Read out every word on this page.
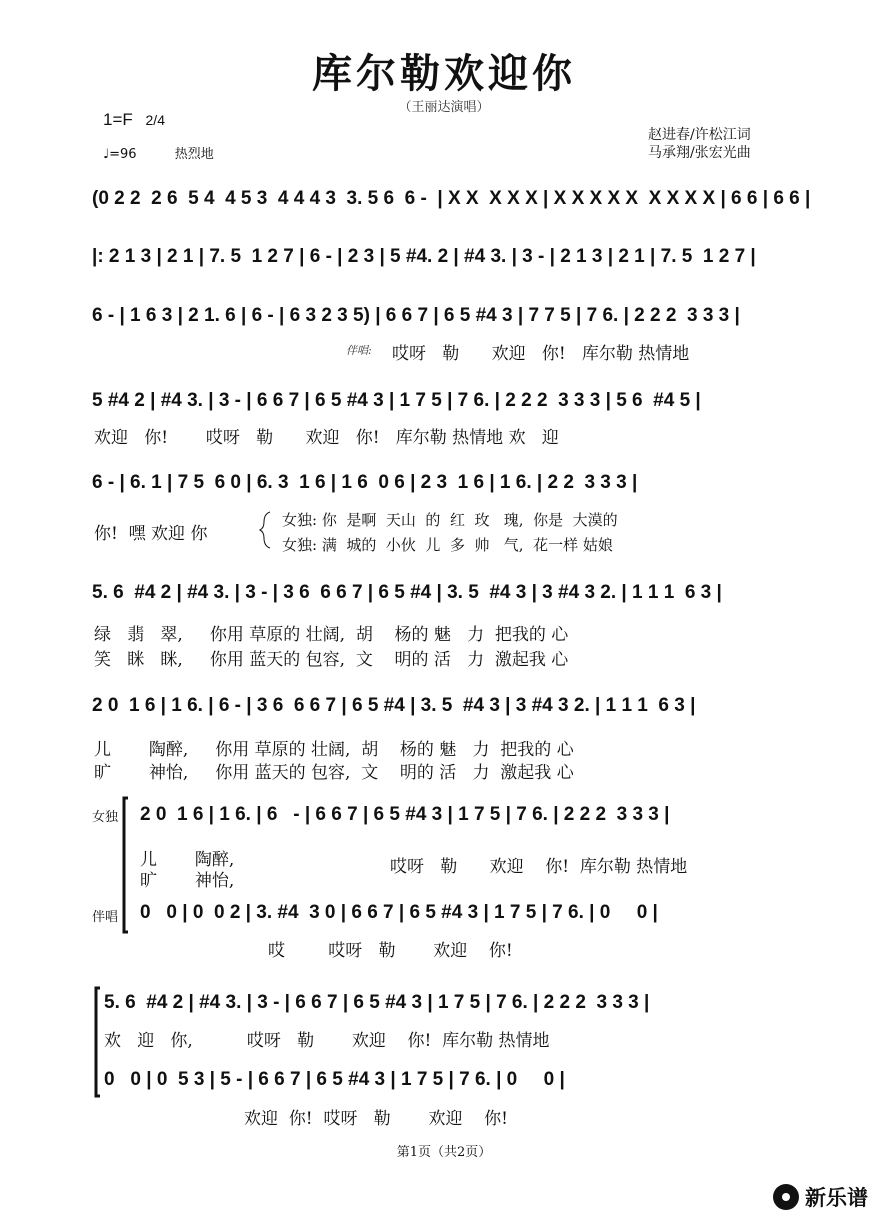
库尔勒欢迎你
（王丽达演唱）
1=F 2/4
♩=96	热烈地
赵进春/许松江词
马承翔/张宏光曲
(0 2 2  2 6  5 4  4 5 3  4 4 4 3  3. 5 6  6 -  | X X  X X X | X X X X X  X X X X | 6 6 | 6 6 |
|: 2 1 3 | 2 1 | 7. 5  1 2 7 | 6 - | 2 3 | 5 #4. 2 | #4 3. | 3 - | 2 1 3 | 2 1 | 7. 5  1 2 7 |
6 - | 1 6 3 | 2 1. 6 | 6 - | 6 3 2 3 5) | 6 6 7 | 6 5 #4 3 | 7 7 5 | 7 6. | 2 2 2  3 3 3 |
伴唱: 哎呀   勒      欢迎   你!   库尔勒 热情地
5 #4 2 | #4 3. | 3 - | 6 6 7 | 6 5 #4 3 | 1 7 5 | 7 6. | 2 2 2  3 3 3 | 5 6  #4 5 |
欢迎   你!       哎呀   勒      欢迎   你!   库尔勒 热情地 欢   迎
6 - | 6. 1 | 7 5  6 0 | 6. 3  1 6 | 1 6  0 6 | 2 3  1 6 | 1 6. | 2 2  3 3 3 |
你!  嘿 欢迎 你
女独: 你  是啊  天山  的  红  玫   瑰,  你是  大漠的
女独: 满  城的  小伙  儿  多  帅   气,  花一样 姑娘
5. 6  #4 2 | #4 3. | 3 - | 3 6  6 6 7 | 6 5 #4 | 3. 5  #4 3 | 3 #4 3 2. | 1 1 1  6 3 |
绿   翡   翠,     你用 草原的 壮阔,  胡    杨的 魅   力  把我的 心
笑   眯   眯,     你用 蓝天的 包容,  文    明的 活   力  激起我 心
2 0  1 6 | 1 6. | 6 - | 3 6  6 6 7 | 6 5 #4 | 3. 5  #4 3 | 3 #4 3 2. | 1 1 1  6 3 |
儿       陶醉,     你用 草原的 壮阔,  胡    杨的 魅   力  把我的 心
旷       神怡,     你用 蓝天的 包容,  文    明的 活   力  激起我 心
女独 2 0  1 6 | 1 6. | 6   - | 6 6 7 | 6 5 #4 3 | 1 7 5 | 7 6. | 2 2 2  3 3 3 |
儿       陶醉,
旷       神怡,
哎呀   勒      欢迎    你!  库尔勒 热情地
伴唱 0   0 | 0  0 2 | 3. #4  3 0 | 6 6 7 | 6 5 #4 3 | 1 7 5 | 7 6. | 0     0 |
哎        哎呀   勒       欢迎    你!
5. 6  #4 2 | #4 3. | 3 - | 6 6 7 | 6 5 #4 3 | 1 7 5 | 7 6. | 2 2 2  3 3 3 |
欢   迎   你,          哎呀   勒       欢迎    你!  库尔勒 热情地
0   0 | 0  5 3 | 5 - | 6 6 7 | 6 5 #4 3 | 1 7 5 | 7 6. | 0     0 |
欢迎  你!  哎呀   勒       欢迎    你!
第1页（共2页）
新乐谱
